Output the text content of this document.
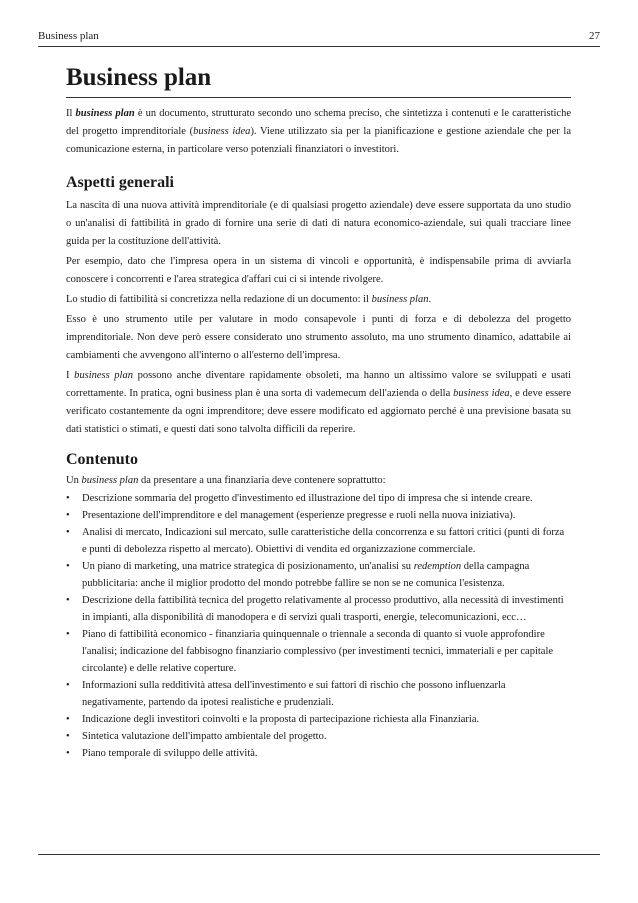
Business plan	27
Business plan

Il business plan è un documento, strutturato secondo uno schema preciso, che sintetizza i contenuti e le caratteristiche del progetto imprenditoriale (business idea). Viene utilizzato sia per la pianificazione e gestione aziendale che per la comunicazione esterna, in particolare verso potenziali finanziatori o investitori.

Aspetti generali

La nascita di una nuova attività imprenditoriale (e di qualsiasi progetto aziendale) deve essere supportata da uno studio o un'analisi di fattibilità in grado di fornire una serie di dati di natura economico-aziendale, sui quali tracciare linee guida per la costituzione dell'attività.

Per esempio, dato che l'impresa opera in un sistema di vincoli e opportunità, è indispensabile prima di avviarla conoscere i concorrenti e l'area strategica d'affari cui ci si intende rivolgere.

Lo studio di fattibilità si concretizza nella redazione di un documento: il business plan.

Esso è uno strumento utile per valutare in modo consapevole i punti di forza e di debolezza del progetto imprenditoriale. Non deve però essere considerato uno strumento assoluto, ma uno strumento dinamico, adattabile ai cambiamenti che avvengono all'interno o all'esterno dell'impresa.

I business plan possono anche diventare rapidamente obsoleti, ma hanno un altissimo valore se sviluppati e usati correttamente. In pratica, ogni business plan è una sorta di vademecum dell'azienda o della business idea, e deve essere verificato costantemente da ogni imprenditore; deve essere modificato ed aggiornato perché è una previsione basata su dati statistici o stimati, e questi dati sono talvolta difficili da reperire.

Contenuto

Un business plan da presentare a una finanziaria deve contenere soprattutto:

• Descrizione sommaria del progetto d'investimento ed illustrazione del tipo di impresa che si intende creare.
• Presentazione dell'imprenditore e del management (esperienze pregresse e ruoli nella nuova iniziativa).
• Analisi di mercato, Indicazioni sul mercato, sulle caratteristiche della concorrenza e su fattori critici (punti di forza e punti di debolezza rispetto al mercato). Obiettivi di vendita ed organizzazione commerciale.
• Un piano di marketing, una matrice strategica di posizionamento, un'analisi su redemption della campagna pubblicitaria: anche il miglior prodotto del mondo potrebbe fallire se non se ne comunica l'esistenza.
• Descrizione della fattibilità tecnica del progetto relativamente al processo produttivo, alla necessità di investimenti in impianti, alla disponibilità di manodopera e di servizi quali trasporti, energie, telecomunicazioni, ecc…
• Piano di fattibilità economico - finanziaria quinquennale o triennale a seconda di quanto si vuole approfondire l'analisi; indicazione del fabbisogno finanziario complessivo (per investimenti tecnici, immateriali e per capitale circolante) e delle relative coperture.
• Informazioni sulla redditività attesa dell'investimento e sui fattori di rischio che possono influenzarla negativamente, partendo da ipotesi realistiche e prudenziali.
• Indicazione degli investitori coinvolti e la proposta di partecipazione richiesta alla Finanziaria.
• Sintetica valutazione dell'impatto ambientale del progetto.
• Piano temporale di sviluppo delle attività.
